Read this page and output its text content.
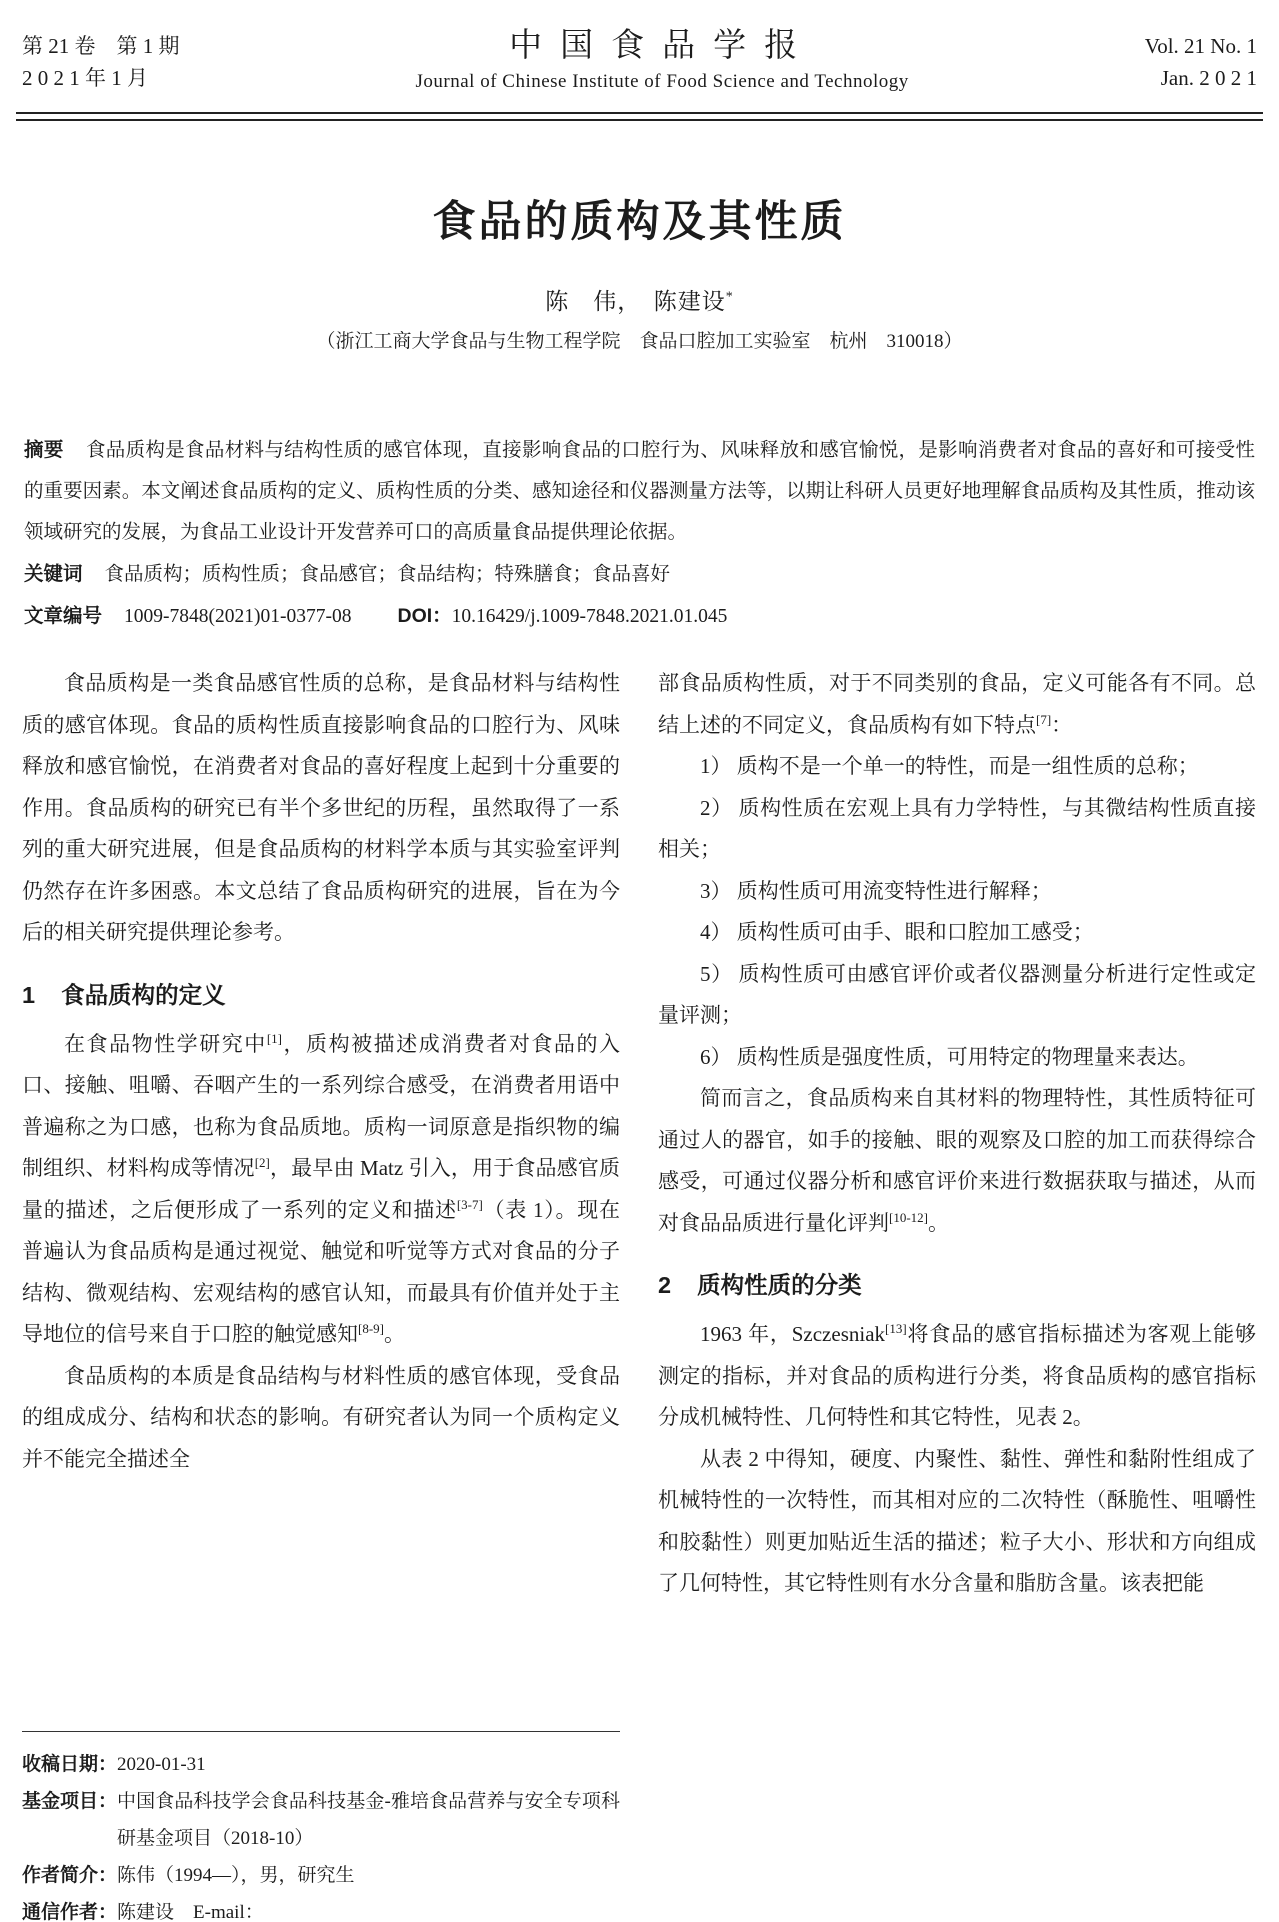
第 21 卷　第 1 期
2 0 2 1 年 1 月
中国食品学报
Journal of Chinese Institute of Food Science and Technology
Vol. 21 No. 1
Jan. 2 0 2 1
食品的质构及其性质
陈　伟，　陈建设*
（浙江工商大学食品与生物工程学院　食品口腔加工实验室　杭州　310018）
摘要 食品质构是食品材料与结构性质的感官体现，直接影响食品的口腔行为、风味释放和感官愉悦，是影响消费者对食品的喜好和可接受性的重要因素。本文阐述食品质构的定义、质构性质的分类、感知途径和仪器测量方法等，以期让科研人员更好地理解食品质构及其性质，推动该领域研究的发展，为食品工业设计开发营养可口的高质量食品提供理论依据。
关键词 食品质构；质构性质；食品感官；食品结构；特殊膳食；食品喜好
文章编号 1009-7848(2021)01-0377-08 DOI：10.16429/j.1009-7848.2021.01.045

食品质构是一类食品感官性质的总称，是食品材料与结构性质的感官体现。食品的质构性质直接影响食品的口腔行为、风味释放和感官愉悦，在消费者对食品的喜好程度上起到十分重要的作用。食品质构的研究已有半个多世纪的历程，虽然取得了一系列的重大研究进展，但是食品质构的材料学本质与其实验室评判仍然存在许多困惑。本文总结了食品质构研究的进展，旨在为今后的相关研究提供理论参考。

1 食品质构的定义

在食品物性学研究中[1]，质构被描述成消费者对食品的入口、接触、咀嚼、吞咽产生的一系列综合感受，在消费者用语中普遍称之为口感，也称为食品质地。质构一词原意是指织物的编制组织、材料构成等情况[2]，最早由 Matz 引入，用于食品感官质量的描述，之后便形成了一系列的定义和描述[3-7]（表 1）。现在普遍认为食品质构是通过视觉、触觉和听觉等方式对食品的分子结构、微观结构、宏观结构的感官认知，而最具有价值并处于主导地位的信号来自于口腔的触觉感知[8-9]。

食品质构的本质是食品结构与材料性质的感官体现，受食品的组成成分、结构和状态的影响。有研究者认为同一个质构定义并不能完全描述全

收稿日期： 2020-01-31
基金项目： 中国食品科技学会食品科技基金-雅培食品营养与安全专项科研基金项目（2018-10）
作者简介： 陈伟（1994—），男，研究生
通信作者： 陈建设　E-mail：

部食品质构性质，对于不同类别的食品，定义可能各有不同。总结上述的不同定义，食品质构有如下特点[7]：

1） 质构不是一个单一的特性，而是一组性质的总称；

2） 质构性质在宏观上具有力学特性，与其微结构性质直接相关；

3） 质构性质可用流变特性进行解释；

4） 质构性质可由手、眼和口腔加工感受；

5） 质构性质可由感官评价或者仪器测量分析进行定性或定量评测；

6） 质构性质是强度性质，可用特定的物理量来表达。

简而言之，食品质构来自其材料的物理特性，其性质特征可通过人的器官，如手的接触、眼的观察及口腔的加工而获得综合感受，可通过仪器分析和感官评价来进行数据获取与描述，从而对食品品质进行量化评判[10-12]。

2 质构性质的分类

1963 年，Szczesniak[13]将食品的感官指标描述为客观上能够测定的指标，并对食品的质构进行分类，将食品质构的感官指标分成机械特性、几何特性和其它特性，见表 2。

从表 2 中得知，硬度、内聚性、黏性、弹性和黏附性组成了机械特性的一次特性，而其相对应的二次特性（酥脆性、咀嚼性和胶黏性）则更加贴近生活的描述；粒子大小、形状和方向组成了几何特性，其它特性则有水分含量和脂肪含量。该表把能
